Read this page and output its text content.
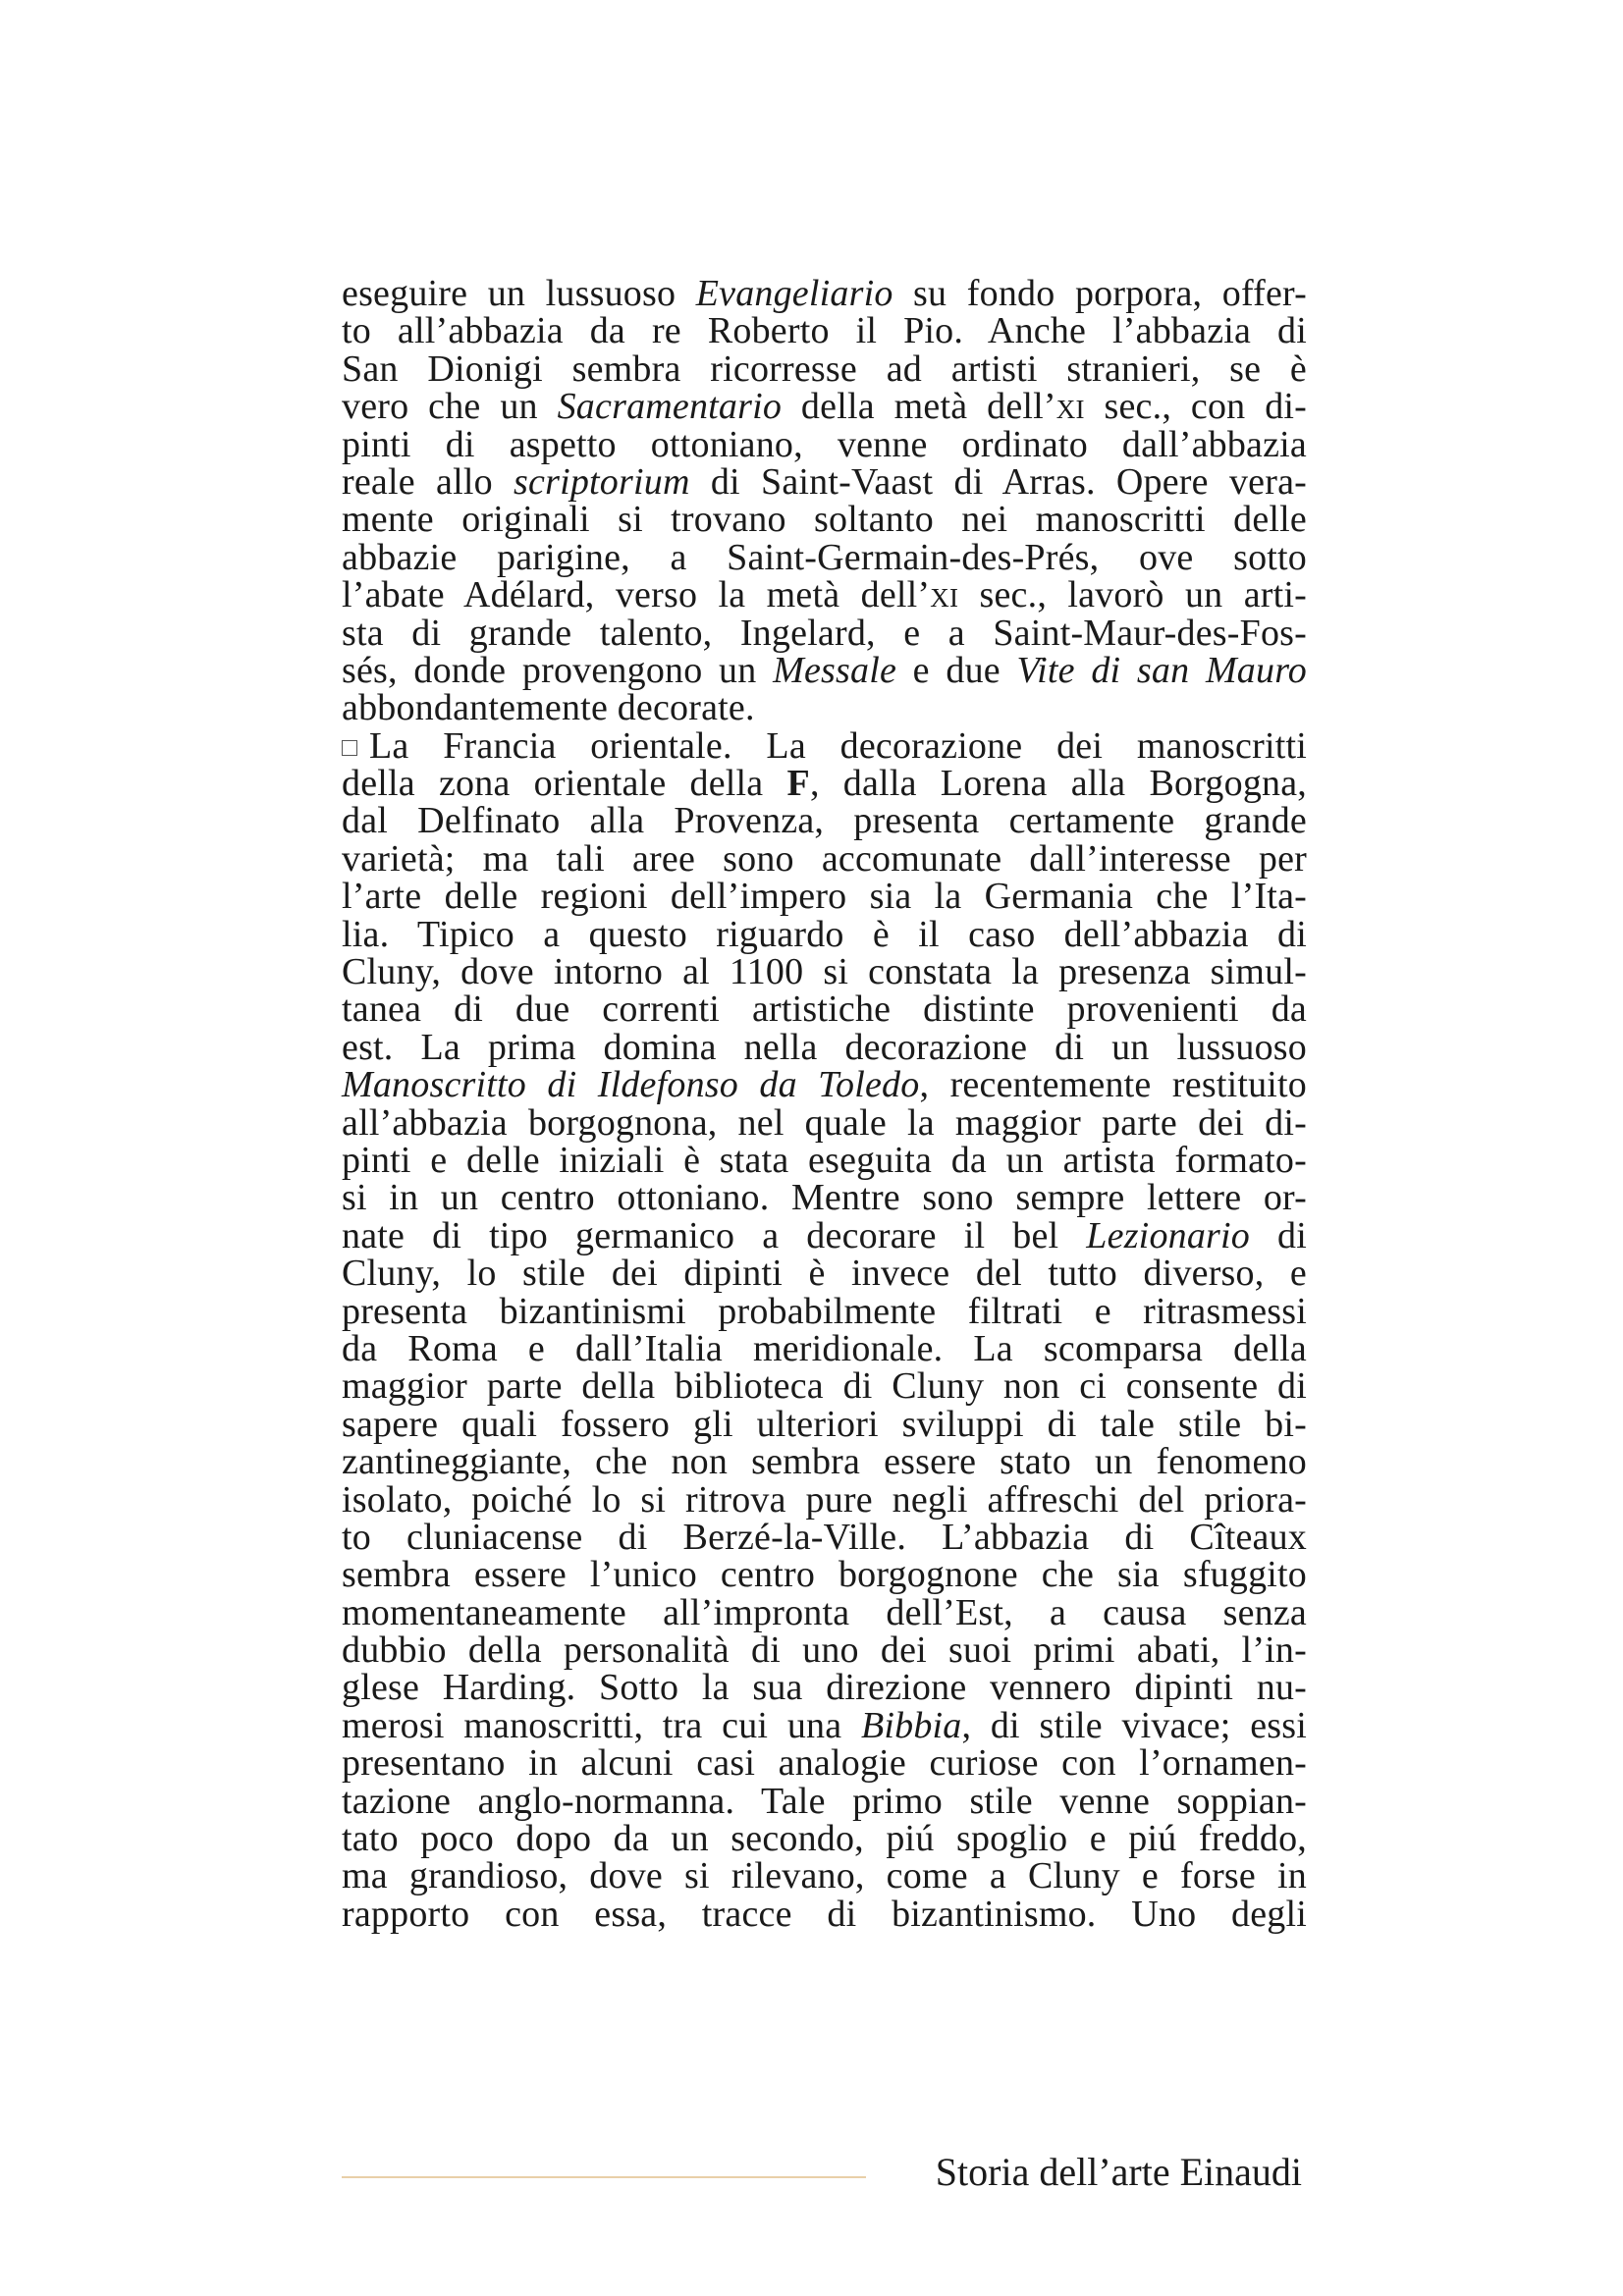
eseguire un lussuoso Evangeliario su fondo porpora, offer-
to all’abbazia da re Roberto il Pio. Anche l’abbazia di
San Dionigi sembra ricorresse ad artisti stranieri, se è
vero che un Sacramentario della metà dell’xi sec., con di-
pinti di aspetto ottoniano, venne ordinato dall’abbazia
reale allo scriptorium di Saint-Vaast di Arras. Opere vera-
mente originali si trovano soltanto nei manoscritti delle
abbazie parigine, a Saint-Germain-des-Prés, ove sotto
l’abate Adélard, verso la metà dell’xi sec., lavorò un arti-
sta di grande talento, Ingelard, e a Saint-Maur-des-Fos-
sés, donde provengono un Messale e due Vite di san Mauro
abbondantemente decorate.
La Francia orientale. La decorazione dei manoscritti
della zona orientale della F, dalla Lorena alla Borgogna,
dal Delfinato alla Provenza, presenta certamente grande
varietà; ma tali aree sono accomunate dall’interesse per
l’arte delle regioni dell’impero sia la Germania che l’Ita-
lia. Tipico a questo riguardo è il caso dell’abbazia di
Cluny, dove intorno al 1100 si constata la presenza simul-
tanea di due correnti artistiche distinte provenienti da
est. La prima domina nella decorazione di un lussuoso
Manoscritto di Ildefonso da Toledo, recentemente restituito
all’abbazia borgognona, nel quale la maggior parte dei di-
pinti e delle iniziali è stata eseguita da un artista formato-
si in un centro ottoniano. Mentre sono sempre lettere or-
nate di tipo germanico a decorare il bel Lezionario di
Cluny, lo stile dei dipinti è invece del tutto diverso, e
presenta bizantinismi probabilmente filtrati e ritrasmessi
da Roma e dall’Italia meridionale. La scomparsa della
maggior parte della biblioteca di Cluny non ci consente di
sapere quali fossero gli ulteriori sviluppi di tale stile bi-
zantineggiante, che non sembra essere stato un fenomeno
isolato, poiché lo si ritrova pure negli affreschi del priora-
to cluniacense di Berzé-la-Ville. L’abbazia di Cîteaux
sembra essere l’unico centro borgognone che sia sfuggito
momentaneamente all’impronta dell’Est, a causa senza
dubbio della personalità di uno dei suoi primi abati, l’in-
glese Harding. Sotto la sua direzione vennero dipinti nu-
merosi manoscritti, tra cui una Bibbia, di stile vivace; essi
presentano in alcuni casi analogie curiose con l’ornamen-
tazione anglo-normanna. Tale primo stile venne soppian-
tato poco dopo da un secondo, piú spoglio e piú freddo,
ma grandioso, dove si rilevano, come a Cluny e forse in
rapporto con essa, tracce di bizantinismo. Uno degli
Storia dell’arte Einaudi
